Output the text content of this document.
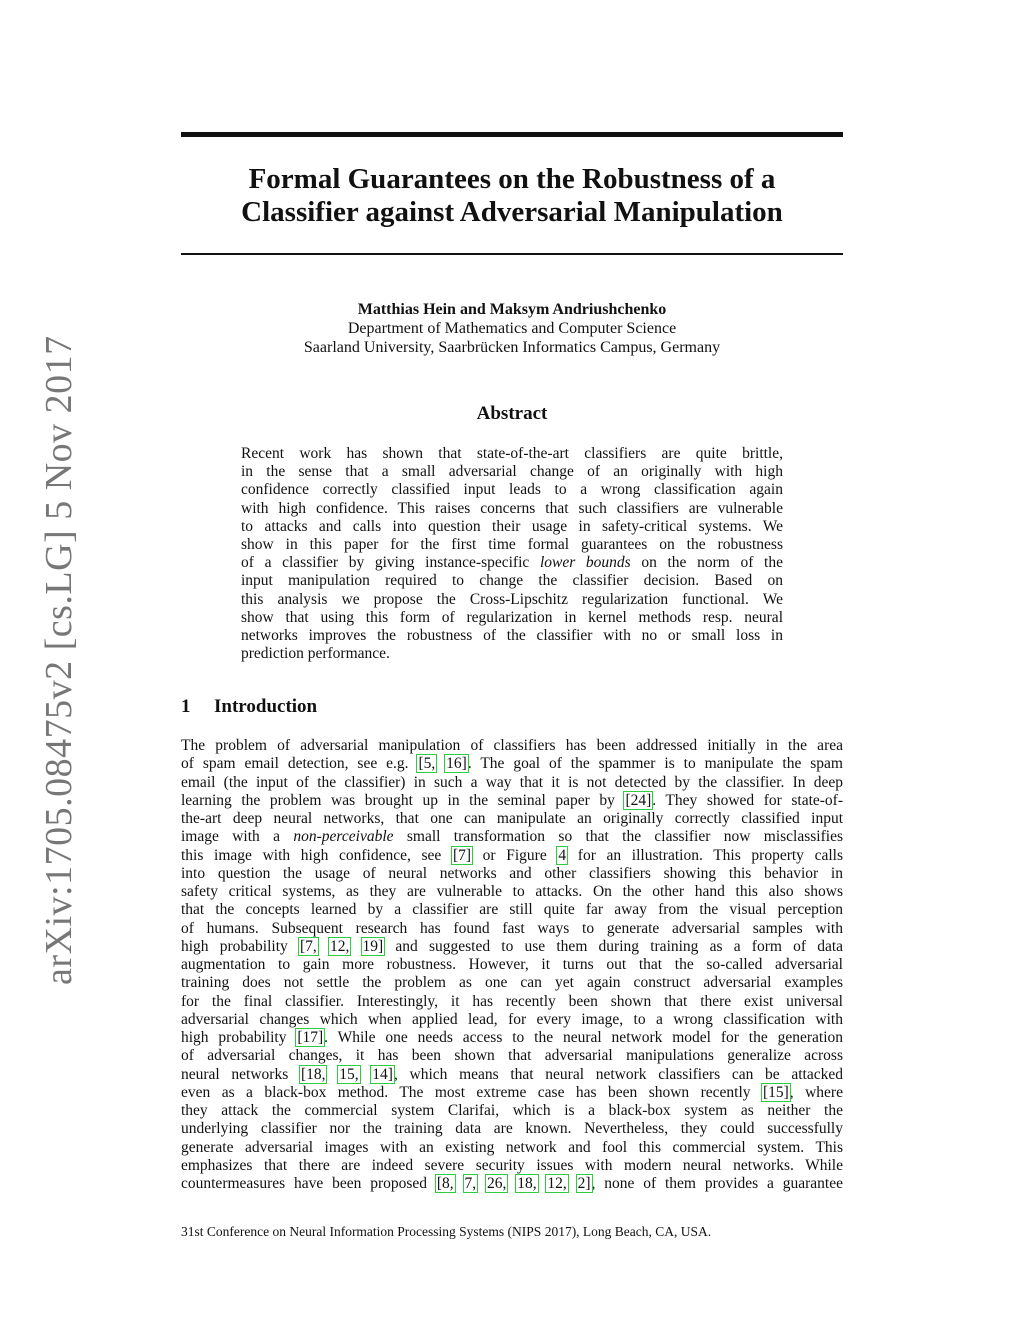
arXiv:1705.08475v2 [cs.LG] 5 Nov 2017
Formal Guarantees on the Robustness of a
Classifier against Adversarial Manipulation
Matthias Hein and Maksym Andriushchenko
Department of Mathematics and Computer Science
Saarland University, Saarbrücken Informatics Campus, Germany
Abstract
Recent work has shown that state-of-the-art classifiers are quite brittle,
in the sense that a small adversarial change of an originally with high
confidence correctly classified input leads to a wrong classification again
with high confidence. This raises concerns that such classifiers are vulnerable
to attacks and calls into question their usage in safety-critical systems. We
show in this paper for the first time formal guarantees on the robustness
of a classifier by giving instance-specific lower bounds on the norm of the
input manipulation required to change the classifier decision. Based on
this analysis we propose the Cross-Lipschitz regularization functional. We
show that using this form of regularization in kernel methods resp. neural
networks improves the robustness of the classifier with no or small loss in
prediction performance.
1 Introduction
The problem of adversarial manipulation of classifiers has been addressed initially in the area
of spam email detection, see e.g. [5, 16]. The goal of the spammer is to manipulate the spam
email (the input of the classifier) in such a way that it is not detected by the classifier. In deep
learning the problem was brought up in the seminal paper by [24]. They showed for state-of-
the-art deep neural networks, that one can manipulate an originally correctly classified input
image with a non-perceivable small transformation so that the classifier now misclassifies
this image with high confidence, see [7] or Figure 4 for an illustration. This property calls
into question the usage of neural networks and other classifiers showing this behavior in
safety critical systems, as they are vulnerable to attacks. On the other hand this also shows
that the concepts learned by a classifier are still quite far away from the visual perception
of humans. Subsequent research has found fast ways to generate adversarial samples with
high probability [7, 12, 19] and suggested to use them during training as a form of data
augmentation to gain more robustness. However, it turns out that the so-called adversarial
training does not settle the problem as one can yet again construct adversarial examples
for the final classifier. Interestingly, it has recently been shown that there exist universal
adversarial changes which when applied lead, for every image, to a wrong classification with
high probability [17]. While one needs access to the neural network model for the generation
of adversarial changes, it has been shown that adversarial manipulations generalize across
neural networks [18, 15, 14], which means that neural network classifiers can be attacked
even as a black-box method. The most extreme case has been shown recently [15], where
they attack the commercial system Clarifai, which is a black-box system as neither the
underlying classifier nor the training data are known. Nevertheless, they could successfully
generate adversarial images with an existing network and fool this commercial system. This
emphasizes that there are indeed severe security issues with modern neural networks. While
countermeasures have been proposed [8, 7, 26, 18, 12, 2], none of them provides a guarantee
31st Conference on Neural Information Processing Systems (NIPS 2017), Long Beach, CA, USA.
